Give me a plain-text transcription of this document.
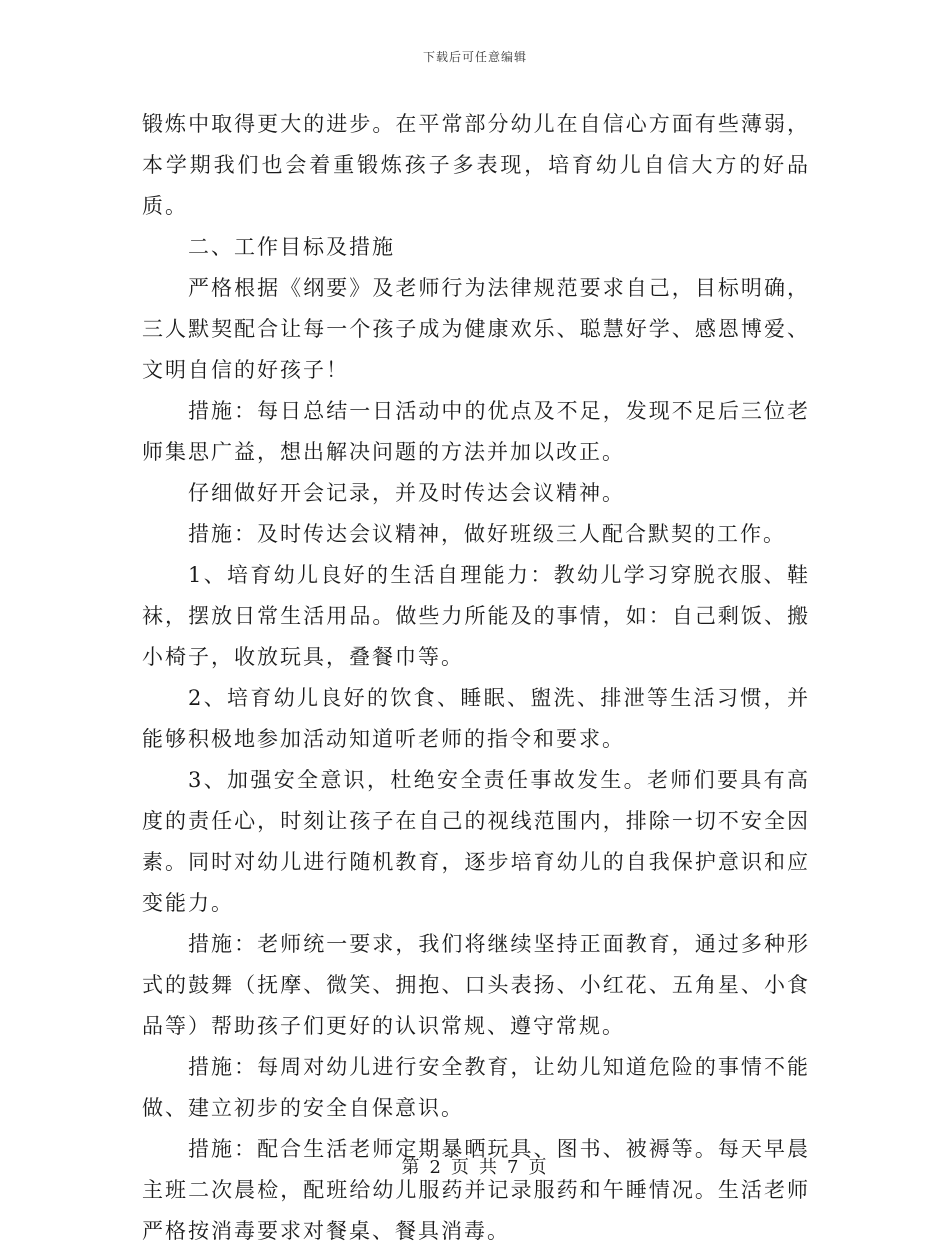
下载后可任意编辑

锻炼中取得更大的进步。在平常部分幼儿在自信心方面有些薄弱，本学期我们也会着重锻炼孩子多表现，培育幼儿自信大方的好品质。

二、工作目标及措施

严格根据《纲要》及老师行为法律规范要求自己，目标明确，三人默契配合让每一个孩子成为健康欢乐、聪慧好学、感恩博爱、文明自信的好孩子！

措施：每日总结一日活动中的优点及不足，发现不足后三位老师集思广益，想出解决问题的方法并加以改正。

仔细做好开会记录，并及时传达会议精神。

措施：及时传达会议精神，做好班级三人配合默契的工作。

1、培育幼儿良好的生活自理能力：教幼儿学习穿脱衣服、鞋袜，摆放日常生活用品。做些力所能及的事情，如：自己剩饭、搬小椅子，收放玩具，叠餐巾等。

2、培育幼儿良好的饮食、睡眠、盥洗、排泄等生活习惯，并能够积极地参加活动知道听老师的指令和要求。

3、加强安全意识，杜绝安全责任事故发生。老师们要具有高度的责任心，时刻让孩子在自己的视线范围内，排除一切不安全因素。同时对幼儿进行随机教育，逐步培育幼儿的自我保护意识和应变能力。

措施：老师统一要求，我们将继续坚持正面教育，通过多种形式的鼓舞（抚摩、微笑、拥抱、口头表扬、小红花、五角星、小食品等）帮助孩子们更好的认识常规、遵守常规。

措施：每周对幼儿进行安全教育，让幼儿知道危险的事情不能做、建立初步的安全自保意识。

措施：配合生活老师定期暴晒玩具、图书、被褥等。每天早晨主班二次晨检，配班给幼儿服药并记录服药和午睡情况。生活老师严格按消毒要求对餐桌、餐具消毒。

第 2 页 共 7 页
